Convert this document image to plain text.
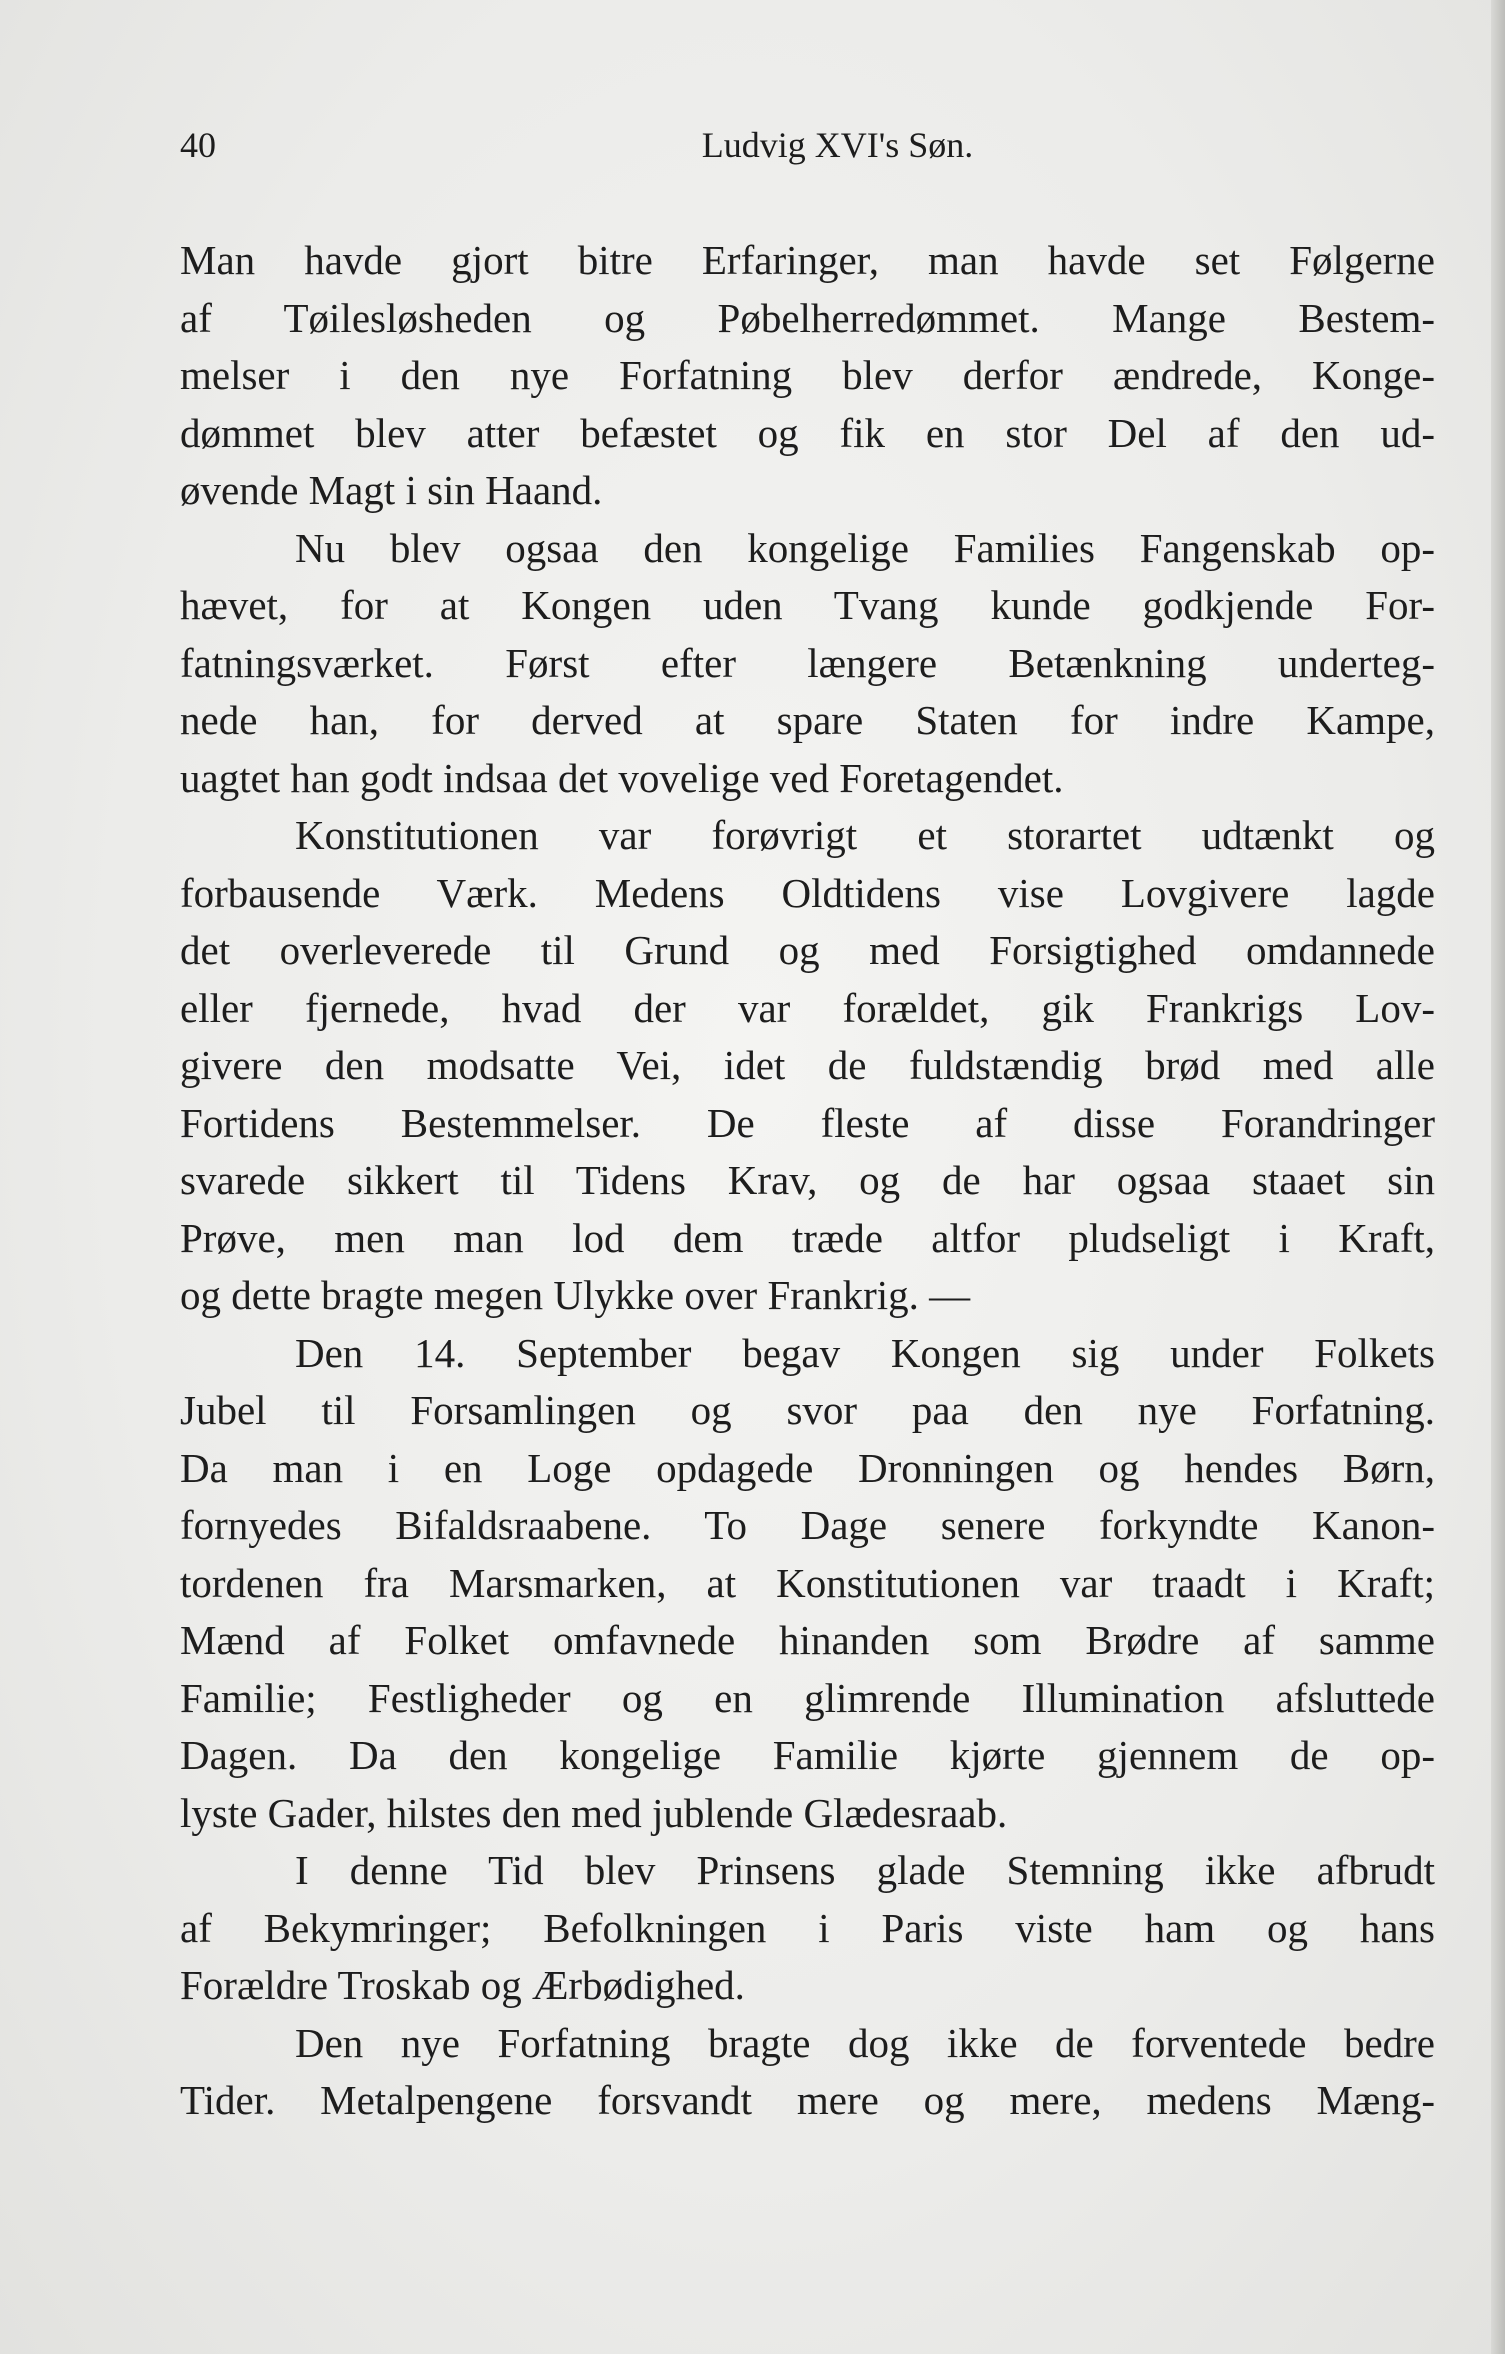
40	Ludvig XVI's Søn.
Man havde gjort bitre Erfaringer, man havde set Følgerne
af Tøilesløsheden og Pøbelherredømmet. Mange Bestem-
melser i den nye Forfatning blev derfor ændrede, Konge-
dømmet blev atter befæstet og fik en stor Del af den ud-
øvende Magt i sin Haand.
Nu blev ogsaa den kongelige Families Fangenskab op-
hævet, for at Kongen uden Tvang kunde godkjende For-
fatningsværket. Først efter længere Betænkning underteg-
nede han, for derved at spare Staten for indre Kampe,
uagtet han godt indsaa det vovelige ved Foretagendet.
Konstitutionen var forøvrigt et storartet udtænkt og
forbausende Værk. Medens Oldtidens vise Lovgivere lagde
det overleverede til Grund og med Forsigtighed omdannede
eller fjernede, hvad der var forældet, gik Frankrigs Lov-
givere den modsatte Vei, idet de fuldstændig brød med alle
Fortidens Bestemmelser. De fleste af disse Forandringer
svarede sikkert til Tidens Krav, og de har ogsaa staaet sin
Prøve, men man lod dem træde altfor pludseligt i Kraft,
og dette bragte megen Ulykke over Frankrig. —
Den 14. September begav Kongen sig under Folkets
Jubel til Forsamlingen og svor paa den nye Forfatning.
Da man i en Loge opdagede Dronningen og hendes Børn,
fornyedes Bifaldsraabene. To Dage senere forkyndte Kanon-
tordenen fra Marsmarken, at Konstitutionen var traadt i Kraft;
Mænd af Folket omfavnede hinanden som Brødre af samme
Familie; Festligheder og en glimrende Illumination afsluttede
Dagen. Da den kongelige Familie kjørte gjennem de op-
lyste Gader, hilstes den med jublende Glædesraab.
I denne Tid blev Prinsens glade Stemning ikke afbrudt
af Bekymringer; Befolkningen i Paris viste ham og hans
Forældre Troskab og Ærbødighed.
Den nye Forfatning bragte dog ikke de forventede bedre
Tider. Metalpengene forsvandt mere og mere, medens Mæng-
